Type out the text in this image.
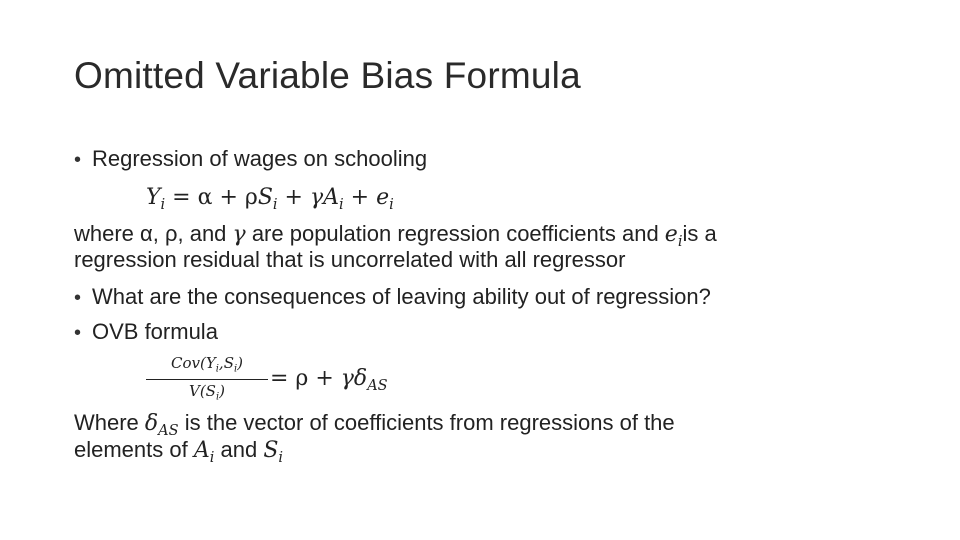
Omitted Variable Bias Formula
• Regression of wages on schooling
$Y_i = \alpha + \rho S_i + \gamma A_i + e_i$
where α, ρ, and γ are population regression coefficients and $e_iis$ a
regression residual that is uncorrelated with all regressor
• What are the consequences of leaving ability out of regression?
• OVB formula
$Cov(Y_i,S_i)$
$V(S_i)$
= $\rho + \gamma\delta_{AS}$
Where $\delta_{AS}$ is the vector of coefficients from regressions of the
elements of $A_i$ and $S_i$
